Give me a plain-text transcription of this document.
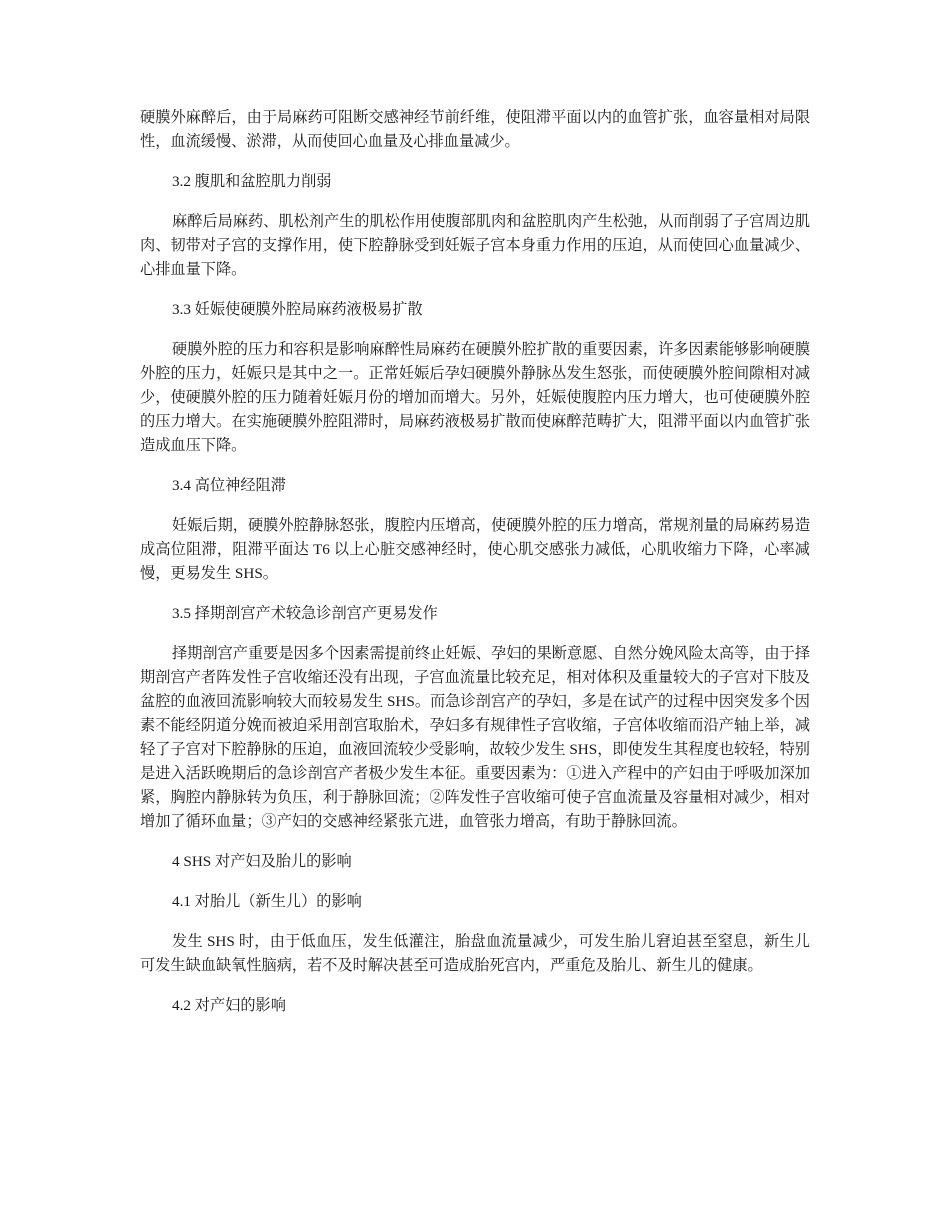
硬膜外麻醉后，由于局麻药可阻断交感神经节前纤维，使阻滞平面以内的血管扩张，血容量相对局限性，血流缓慢、淤滞，从而使回心血量及心排血量减少。

3.2 腹肌和盆腔肌力削弱

麻醉后局麻药、肌松剂产生的肌松作用使腹部肌肉和盆腔肌肉产生松弛，从而削弱了子宫周边肌肉、韧带对子宫的支撑作用，使下腔静脉受到妊娠子宫本身重力作用的压迫，从而使回心血量减少、心排血量下降。

3.3 妊娠使硬膜外腔局麻药液极易扩散

硬膜外腔的压力和容积是影响麻醉性局麻药在硬膜外腔扩散的重要因素，许多因素能够影响硬膜外腔的压力，妊娠只是其中之一。正常妊娠后孕妇硬膜外静脉丛发生怒张，而使硬膜外腔间隙相对减少，使硬膜外腔的压力随着妊娠月份的增加而增大。另外，妊娠使腹腔内压力增大，也可使硬膜外腔的压力增大。在实施硬膜外腔阻滞时，局麻药液极易扩散而使麻醉范畴扩大，阻滞平面以内血管扩张造成血压下降。

3.4 高位神经阻滞

妊娠后期，硬膜外腔静脉怒张，腹腔内压增高，使硬膜外腔的压力增高，常规剂量的局麻药易造成高位阻滞，阻滞平面达 T6 以上心脏交感神经时，使心肌交感张力减低，心肌收缩力下降，心率减慢，更易发生 SHS。

3.5 择期剖宫产术较急诊剖宫产更易发作

择期剖宫产重要是因多个因素需提前终止妊娠、孕妇的果断意愿、自然分娩风险太高等，由于择期剖宫产者阵发性子宫收缩还没有出现，子宫血流量比较充足，相对体积及重量较大的子宫对下肢及盆腔的血液回流影响较大而较易发生 SHS。而急诊剖宫产的孕妇，多是在试产的过程中因突发多个因素不能经阴道分娩而被迫采用剖宫取胎术，孕妇多有规律性子宫收缩，子宫体收缩而沿产轴上举，减轻了子宫对下腔静脉的压迫，血液回流较少受影响，故较少发生 SHS，即使发生其程度也较轻，特别是进入活跃晚期后的急诊剖宫产者极少发生本征。重要因素为：①进入产程中的产妇由于呼吸加深加紧，胸腔内静脉转为负压，利于静脉回流；②阵发性子宫收缩可使子宫血流量及容量相对减少，相对增加了循环血量；③产妇的交感神经紧张亢进，血管张力增高，有助于静脉回流。

4 SHS 对产妇及胎儿的影响

4.1 对胎儿（新生儿）的影响

发生 SHS 时，由于低血压，发生低灌注，胎盘血流量减少，可发生胎儿窘迫甚至窒息，新生儿可发生缺血缺氧性脑病，若不及时解决甚至可造成胎死宫内，严重危及胎儿、新生儿的健康。

4.2 对产妇的影响
